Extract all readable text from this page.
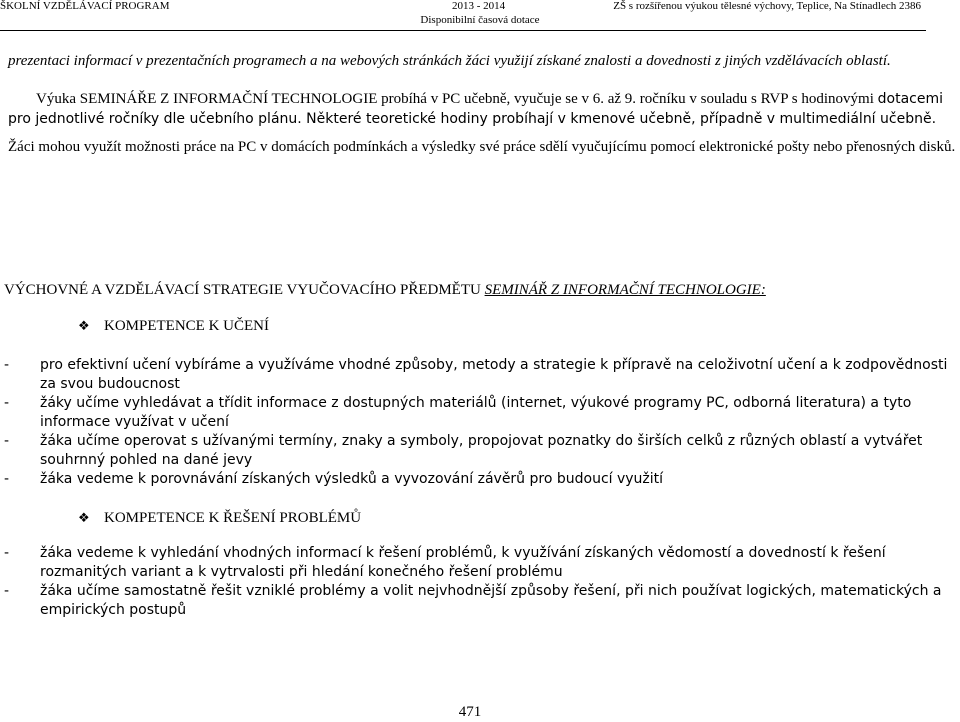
ŠKOLNÍ VZDĚLÁVACÍ PROGRAM	2013 - 2014	ZŠ s rozšířenou výukou tělesné výchovy, Teplice, Na Stínadlech 2386
Disponibilní časová dotace
prezentaci informací v prezentačních programech a na webových stránkách žáci využijí získané znalosti a dovednosti z jiných vzdělávacích oblastí.
Výuka SEMINÁŘE Z INFORMAČNÍ TECHNOLOGIE probíhá v PC učebně, vyučuje se v 6. až 9. ročníku v souladu s RVP s hodinovými dotacemi pro jednotlivé ročníky dle učebního plánu. Některé teoretické hodiny probíhají v kmenové učebně, případně v multimediální učebně.
Žáci mohou využít možnosti práce na PC v domácích podmínkách a výsledky své práce sdělí vyučujícímu pomocí elektronické pošty nebo přenosných disků.
VÝCHOVNÉ A VZDĚLÁVACÍ STRATEGIE VYUČOVACÍHO PŘEDMĚTU SEMINÁŘ Z INFORMAČNÍ TECHNOLOGIE:
❖ KOMPETENCE K UČENÍ
- pro efektivní učení vybíráme a využíváme vhodné způsoby, metody a strategie k přípravě na celoživotní učení a k zodpovědnosti za svou budoucnost
- žáky učíme vyhledávat a třídit informace z dostupných materiálů (internet, výukové programy PC, odborná literatura) a tyto informace využívat v učení
- žáka učíme operovat s užívanými termíny, znaky a symboly, propojovat poznatky do širších celků z různých oblastí a vytvářet souhrnný pohled na dané jevy
- žáka vedeme k porovnávání získaných výsledků a vyvozování závěrů pro budoucí využití
❖ KOMPETENCE K ŘEŠENÍ PROBLÉMŮ
- žáka vedeme k vyhledání vhodných informací k řešení problémů, k využívání získaných vědomostí a dovedností k řešení rozmanitých variant a k vytrvalosti při hledání konečného řešení problému
- žáka učíme samostatně řešit vzniklé problémy a volit nejvhodnější způsoby řešení, při nich používat logických, matematických a empirických postupů
471
